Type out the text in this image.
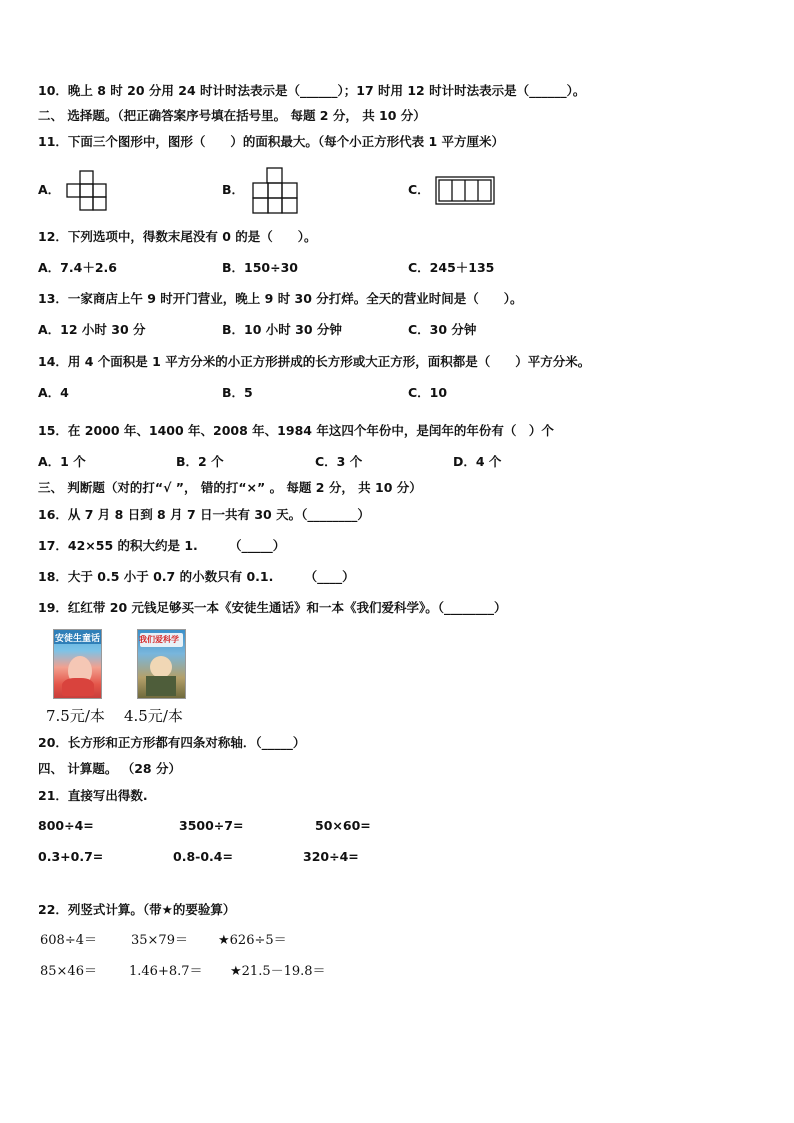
10．晚上 8 时 20 分用 24 时计时法表示是（______）；17 时用 12 时计时法表示是（______）。
二、 选择题。（把正确答案序号填在括号里。 每题 2 分， 共 10 分）
11．下面三个图形中，图形（　　）的面积最大。（每个小正方形代表 1 平方厘米）
A．	B．	C．
12．下列选项中，得数末尾没有 0 的是（　　）。
A．7.4＋2.6	B．150÷30	C．245＋135
13．一家商店上午 9 时开门营业，晚上 9 时 30 分打烊。全天的营业时间是（　　）。
A．12 小时 30 分	B．10 小时 30 分钟	C．30 分钟
14．用 4 个面积是 1 平方分米的小正方形拼成的长方形或大正方形，面积都是（　　）平方分米。
A．4	B．5	C．10
15．在 2000 年、1400 年、2008 年、1984 年这四个年份中，是闰年的年份有（　）个
A．1 个	B．2 个	C．3 个	D．4 个
三、 判断题（对的打“√ ”， 错的打“×” 。 每题 2 分， 共 10 分）
16．从 7 月 8 日到 8 月 7 日一共有 30 天。（________）
17．42×55 的积大约是 1.　　　（_____）
18．大于 0.5 小于 0.7 的小数只有 0.1.　　　（____）
19．红红带 20 元钱足够买一本《安徒生通话》和一本《我们爱科学》。（________）
安徒生童话	我们爱科学
7.5元/本 4.5元/本
20．长方形和正方形都有四条对称轴．（_____）
四、 计算题。 （28 分）
21．直接写出得数.
800÷4=	3500÷7=	50×60=
0.3+0.7=	0.8-0.4=	320÷4=
22．列竖式计算。（带★的要验算）
608÷4＝	35×79＝ ★626÷5＝
85×46＝ 1.46+8.7＝ ★21.5－19.8＝
